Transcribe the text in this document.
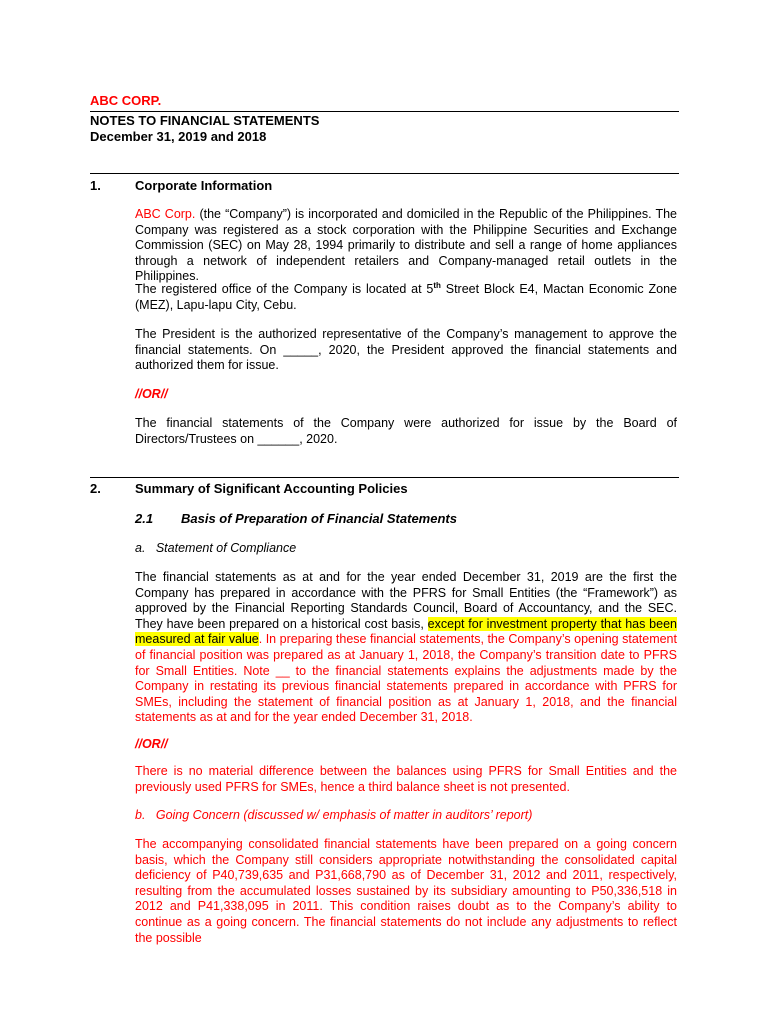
ABC CORP.
NOTES TO FINANCIAL STATEMENTS
December 31, 2019 and 2018
1.	Corporate Information

ABC Corp. (the “Company”) is incorporated and domiciled in the Republic of the Philippines. The Company was registered as a stock corporation with the Philippine Securities and Exchange Commission (SEC) on May 28, 1994 primarily to distribute and sell a range of home appliances through a network of independent retailers and Company-managed retail outlets in the Philippines.

The registered office of the Company is located at 5th Street Block E4, Mactan Economic Zone (MEZ), Lapu-lapu City, Cebu.

The President is the authorized representative of the Company’s management to approve the financial statements. On _____, 2020, the President approved the financial statements and authorized them for issue.

//OR//

The financial statements of the Company were authorized for issue by the Board of Directors/Trustees on ______, 2020.

2.	Summary of Significant Accounting Policies
2.1 Basis of Preparation of Financial Statements
a.   Statement of Compliance

The financial statements as at and for the year ended December 31, 2019 are the first the Company has prepared in accordance with the PFRS for Small Entities (the “Framework”) as approved by the Financial Reporting Standards Council, Board of Accountancy, and the SEC. They have been prepared on a historical cost basis, except for investment property that has been measured at fair value. In preparing these financial statements, the Company’s opening statement of financial position was prepared as at January 1, 2018, the Company’s transition date to PFRS for Small Entities. Note __ to the financial statements explains the adjustments made by the Company in restating its previous financial statements prepared in accordance with PFRS for SMEs, including the statement of financial position as at January 1, 2018, and the financial statements as at and for the year ended December 31, 2018.

//OR//

There is no material difference between the balances using PFRS for Small Entities and the previously used PFRS for SMEs, hence a third balance sheet is not presented.

b.   Going Concern (discussed w/ emphasis of matter in auditors’ report)

The accompanying consolidated financial statements have been prepared on a going concern basis, which the Company still considers appropriate notwithstanding the consolidated capital deficiency of P40,739,635 and P31,668,790 as of December 31, 2012 and 2011, respectively, resulting from the accumulated losses sustained by its subsidiary amounting to P50,336,518 in 2012 and P41,338,095 in 2011. This condition raises doubt as to the Company’s ability to continue as a going concern. The financial statements do not include any adjustments to reflect the possible
